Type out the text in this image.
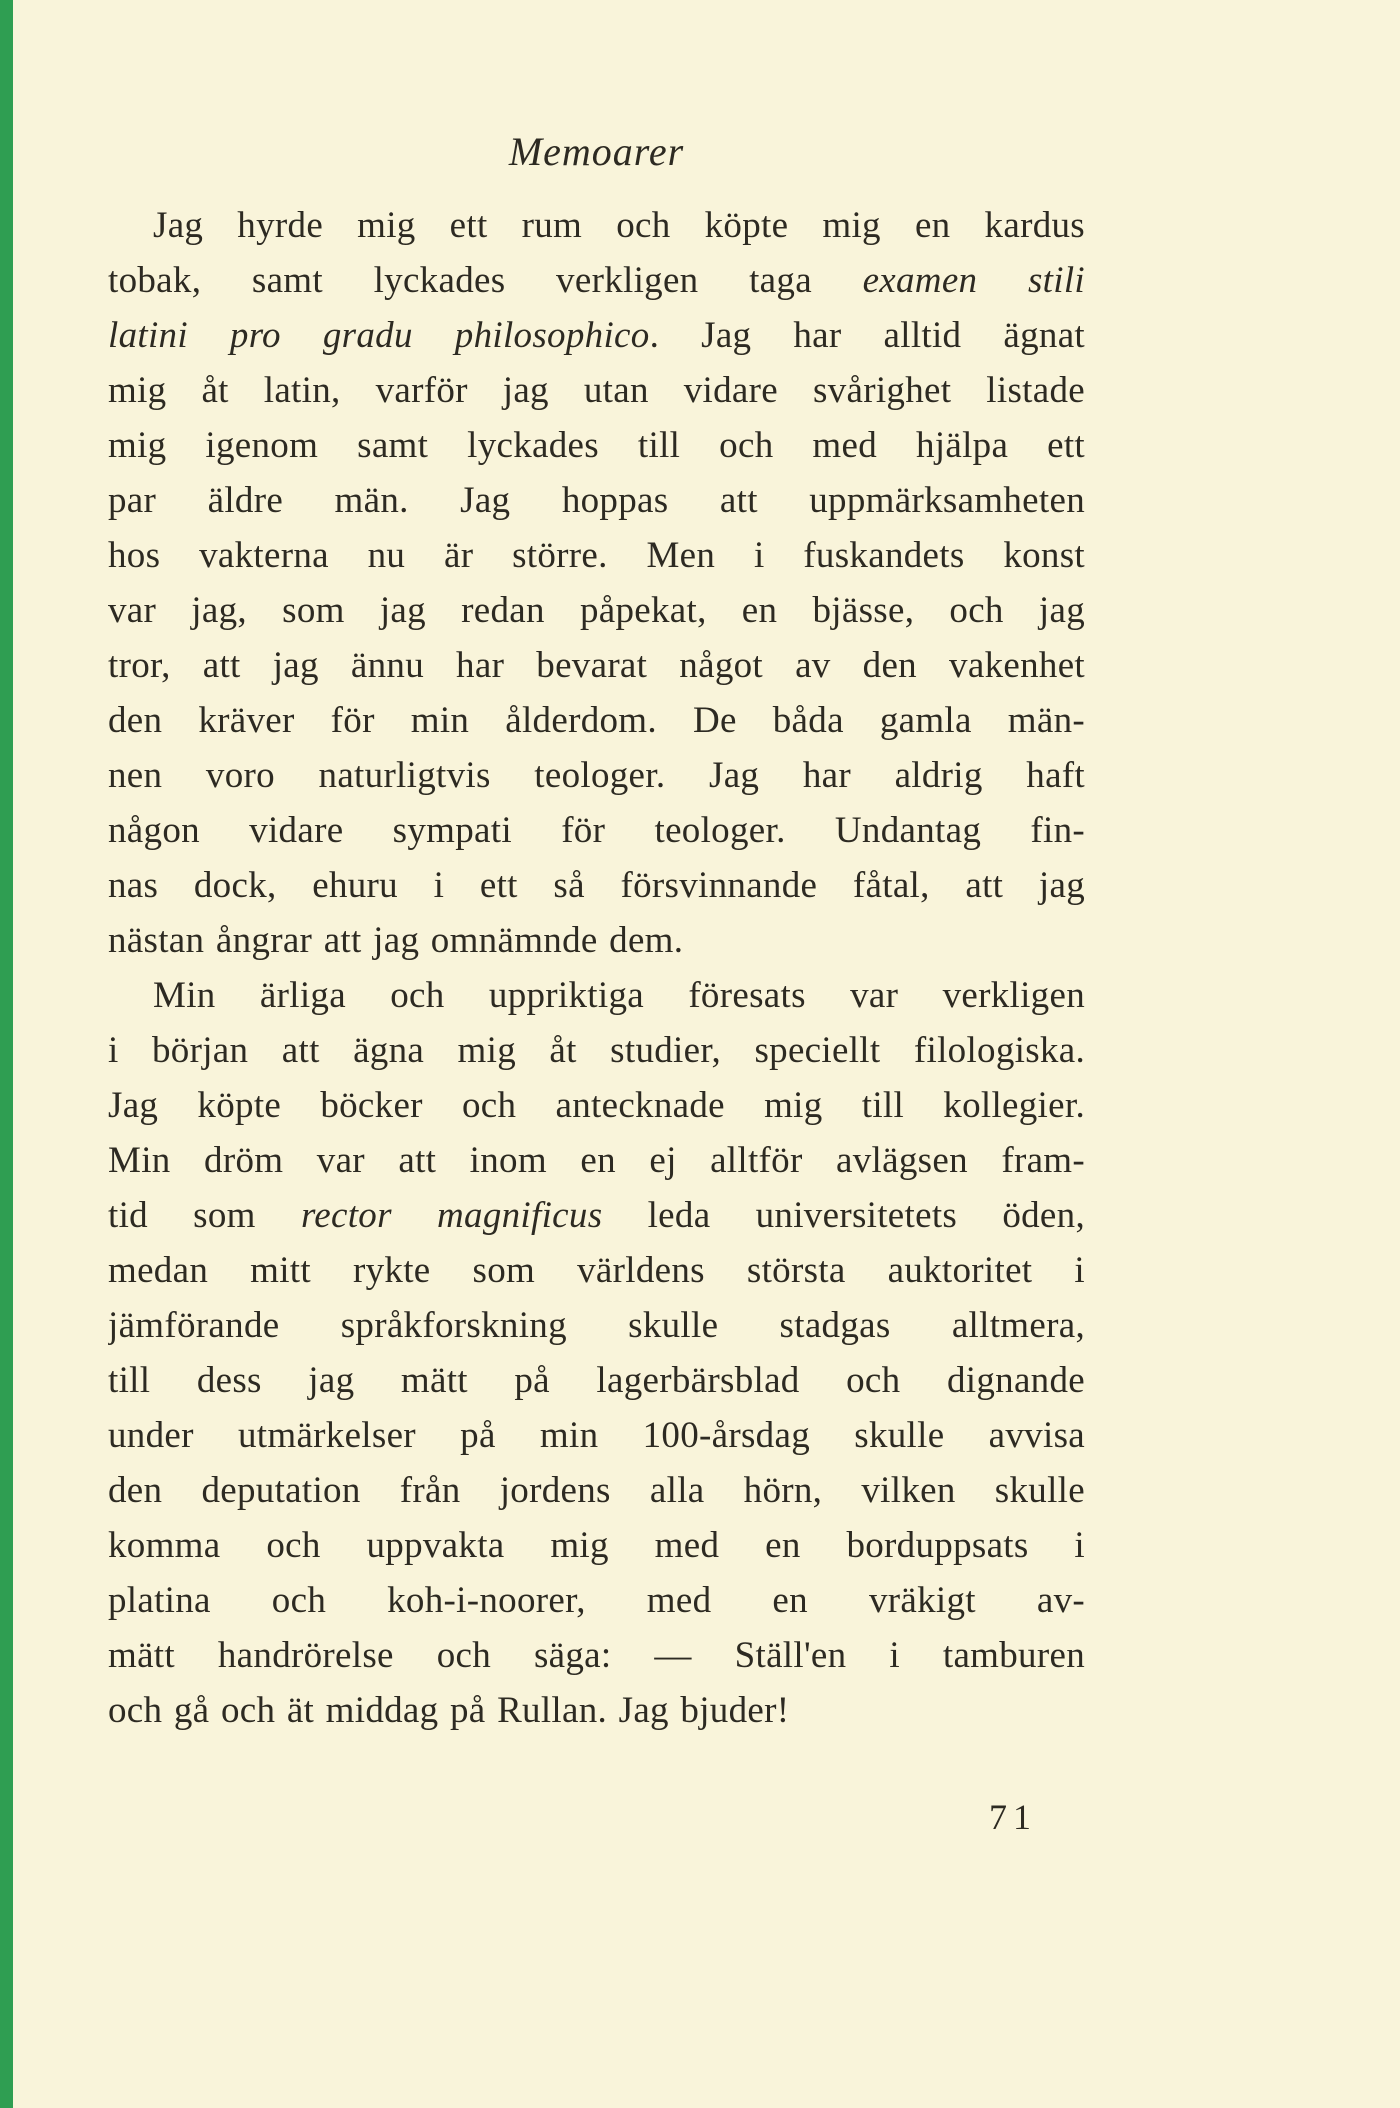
Memoarer
Jag hyrde mig ett rum och köpte mig en kardus
tobak, samt lyckades verkligen taga examen stili
latini pro gradu philosophico. Jag har alltid ägnat
mig åt latin, varför jag utan vidare svårighet listade
mig igenom samt lyckades till och med hjälpa ett
par äldre män. Jag hoppas att uppmärksamheten
hos vakterna nu är större. Men i fuskandets konst
var jag, som jag redan påpekat, en bjässe, och jag
tror, att jag ännu har bevarat något av den vakenhet
den kräver för min ålderdom. De båda gamla män-
nen voro naturligtvis teologer. Jag har aldrig haft
någon vidare sympati för teologer. Undantag fin-
nas dock, ehuru i ett så försvinnande fåtal, att jag
nästan ångrar att jag omnämnde dem.
Min ärliga och uppriktiga föresats var verkligen
i början att ägna mig åt studier, speciellt filologiska.
Jag köpte böcker och antecknade mig till kollegier.
Min dröm var att inom en ej alltför avlägsen fram-
tid som rector magnificus leda universitetets öden,
medan mitt rykte som världens största auktoritet i
jämförande språkforskning skulle stadgas alltmera,
till dess jag mätt på lagerbärsblad och dignande
under utmärkelser på min 100-årsdag skulle avvisa
den deputation från jordens alla hörn, vilken skulle
komma och uppvakta mig med en borduppsats i
platina och koh-i-noorer, med en vräkigt av-
mätt handrörelse och säga: — Ställ'en i tamburen
och gå och ät middag på Rullan. Jag bjuder!
71
